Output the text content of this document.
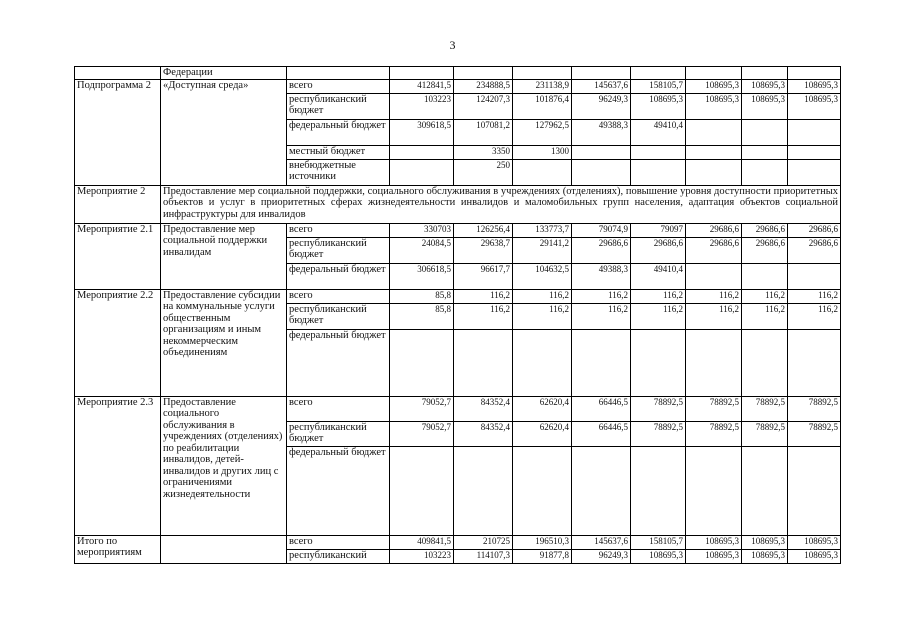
3
	Федерации									
Подпрограмма 2	«Доступная среда»	всего	412841,5	234888,5	231138,9	145637,6	158105,7	108695,3	108695,3	108695,3
		республиканский бюджет	103223	124207,3	101876,4	96249,3	108695,3	108695,3	108695,3	108695,3
		федеральный бюджет	309618,5	107081,2	127962,5	49388,3	49410,4			
		местный бюджет		3350	1300					
		внебюджетные источники		250						
Мероприятие 2	Предоставление мер социальной поддержки, социального обслуживания в учреждениях (отделениях), повышение уровня доступности приоритетных объектов и услуг в приоритетных сферах жизнедеятельности инвалидов и маломобильных групп населения, адаптация объектов социальной инфраструктуры для инвалидов									
Мероприятие 2.1	Предоставление мер социальной поддержки инвалидам	всего	330703	126256,4	133773,7	79074,9	79097	29686,6	29686,6	29686,6
		республиканский бюджет	24084,5	29638,7	29141,2	29686,6	29686,6	29686,6	29686,6	29686,6
		федеральный бюджет	306618,5	96617,7	104632,5	49388,3	49410,4			
Мероприятие 2.2	Предоставление субсидии на коммунальные услуги общественным организациям и иным некоммерческим объединениям	всего	85,8	116,2	116,2	116,2	116,2	116,2	116,2	116,2
		республиканский бюджет	85,8	116,2	116,2	116,2	116,2	116,2	116,2	116,2
		федеральный бюджет								
Мероприятие 2.3	Предоставление социального обслуживания в учреждениях (отделениях) по реабилитации инвалидов, детей-инвалидов и других лиц с ограничениями жизнедеятельности	всего	79052,7	84352,4	62620,4	66446,5	78892,5	78892,5	78892,5	78892,5
		республиканский бюджет	79052,7	84352,4	62620,4	66446,5	78892,5	78892,5	78892,5	78892,5
		федеральный бюджет								
Итого по мероприятиям		всего	409841,5	210725	196510,3	145637,6	158105,7	108695,3	108695,3	108695,3
		республиканский	103223	114107,3	91877,8	96249,3	108695,3	108695,3	108695,3	108695,3
